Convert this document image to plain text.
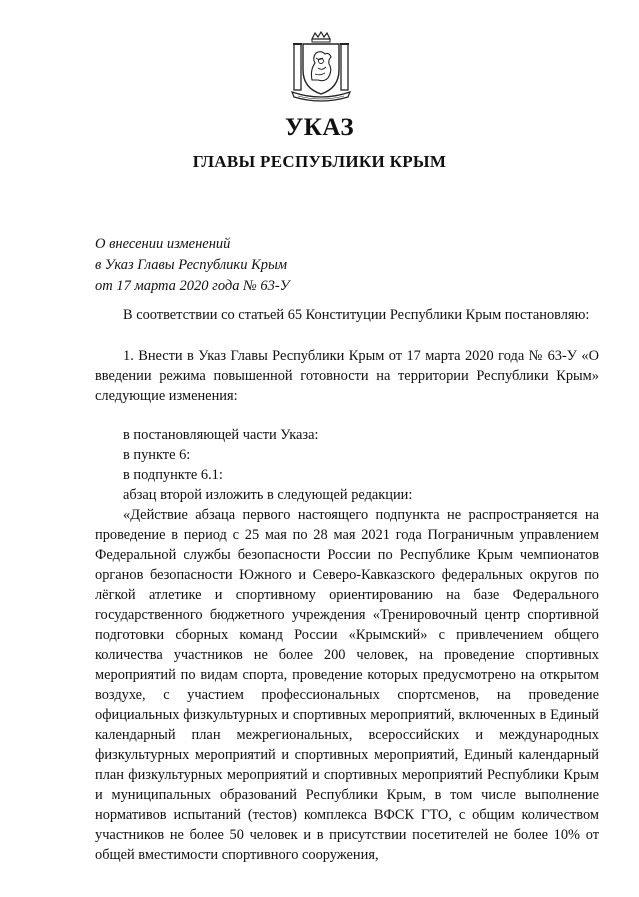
УКАЗ
ГЛАВЫ РЕСПУБЛИКИ КРЫМ
О внесении изменений
в Указ Главы Республики Крым
от 17 марта 2020 года № 63-У

В соответствии со статьей 65 Конституции Республики Крым постановляю:

1. Внести в Указ Главы Республики Крым от 17 марта 2020 года № 63-У «О введении режима повышенной готовности на территории Республики Крым» следующие изменения:

в постановляющей части Указа:

в пункте 6:

в подпункте 6.1:

абзац второй изложить в следующей редакции:

«Действие абзаца первого настоящего подпункта не распространяется на проведение в период с 25 мая по 28 мая 2021 года Пограничным управлением Федеральной службы безопасности России по Республике Крым чемпионатов органов безопасности Южного и Северо-Кавказского федеральных округов по лёгкой атлетике и спортивному ориентированию на базе Федерального государственного бюджетного учреждения «Тренировочный центр спортивной подготовки сборных команд России «Крымский» с привлечением общего количества участников не более 200 человек, на проведение спортивных мероприятий по видам спорта, проведение которых предусмотрено на открытом воздухе, с участием профессиональных спортсменов, на проведение официальных физкультурных и спортивных мероприятий, включенных в Единый календарный план межрегиональных, всероссийских и международных физкультурных мероприятий и спортивных мероприятий, Единый календарный план физкультурных мероприятий и спортивных мероприятий Республики Крым и муниципальных образований Республики Крым, в том числе выполнение нормативов испытаний (тестов) комплекса ВФСК ГТО, с общим количеством участников не более 50 человек и в присутствии посетителей не более 10% от общей вместимости спортивного сооружения,
